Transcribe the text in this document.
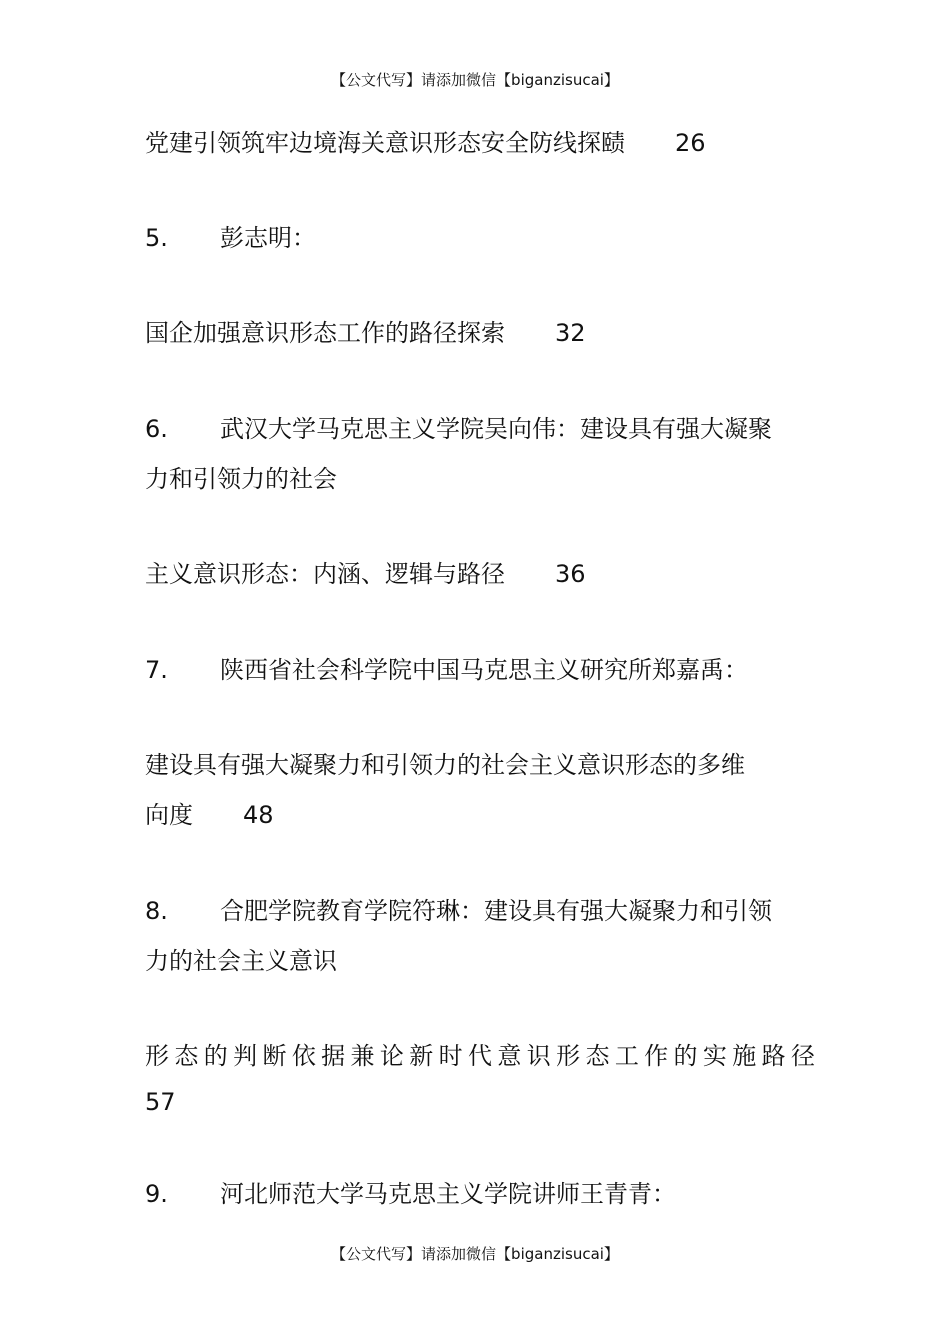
【公文代写】请添加微信【biganzisucai】
党建引领筑牢边境海关意识形态安全防线探赜 26
5. 彭志明：
国企加强意识形态工作的路径探索 32
6. 武汉大学马克思主义学院吴向伟：建设具有强大凝聚
力和引领力的社会
主义意识形态：内涵、逻辑与路径 36
7. 陕西省社会科学院中国马克思主义研究所郑嘉禹：
建设具有强大凝聚力和引领力的社会主义意识形态的多维
向度 48
8. 合肥学院教育学院符琳：建设具有强大凝聚力和引领
力的社会主义意识
形态的判断依据兼论新时代意识形态工作的实施路径
57
9. 河北师范大学马克思主义学院讲师王青青：
【公文代写】请添加微信【biganzisucai】
